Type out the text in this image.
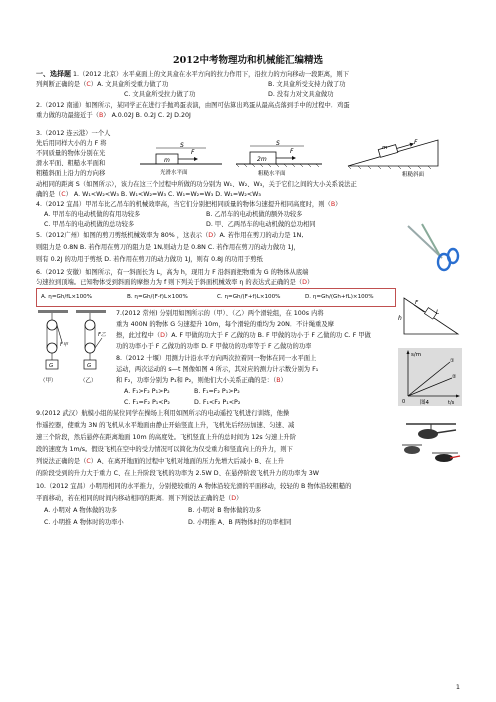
2012中考物理功和机械能汇编精选
一、选择题 1.（2012 北京）水平桌面上的文具盒在水平方向的拉力作用下，沿拉力的方向移动一段距离，则下
列判断正确的是（C）A. 文具盒所受重力做了功	B. 文具盒所受支持力做了功
C. 文具盒所受拉力做了功	D. 没有力对文具盒做功
2.（2012 南通）如图所示，某同学正在进行手抛鸡蛋表演，由图可估算出鸡蛋从最高点落到手中的过程中．鸡蛋
重力做的功最接近于（B） A.0.02J B. 0.2J C. 2J D.20J
3.（2012 连云港）一个人
先后用同样大小的力 F 将
不同质量的物体分别在光
滑水平面、粗糙水平面和
粗糙斜面上沿力的方向移
动相同的距离 S（如图所示），该力在这三个过程中所做的功分别为 W₁、W₂、W₃，关于它们之间的大小关系说法正
确的是（C） A. W₁<W₂<W₃ B. W₁<W₂=W₃ C. W₁=W₂=W₃ D. W₁=W₂<W₃
m
F
S
光滑水平面
2m
F
S
粗糙水平面
m
F
粗糙斜面
4.（2012 宜昌）甲吊车比乙吊车的机械效率高，当它们分别把相同质量的物体匀速提升相同高度时，则（B）
A. 甲吊车的电动机做的有用功较多	B. 乙吊车的电动机做的额外功较多
C. 甲吊车的电动机做的总功较多	D. 甲、乙两吊车的电动机做的总功相同
5.（2012广州）如图的剪刀剪纸机械效率为 80% ，这表示（D）A. 若作用在剪刀的动力是 1N,
则阻力是 0.8N B. 若作用在剪刀的阻力是 1N,则动力是 0.8N C. 若作用在剪刀的动力做功 1J，
则有 0.2J 的功用于剪纸 D. 若作用在剪刀的动力做功 1J，则有 0.8J 的功用于剪纸
6.（2012 安徽）如图所示，有一斜面长为 L，高为 h，现用力 F 沿斜面把物重为 G 的物体从底端
匀速拉到顶端。已知物体受到斜面的摩擦力为 f 则下列关于斜面机械效率 η 的表达式正确的是（D）
A. η=Gh/fL×100%	B. η=Gh/(F-f)L×100%	C. η=Gh/(F+f)L×100%	D. η=Gh/(Gh+fL)×100%
F
h
L
G
F甲
（甲）
G
F乙
（乙）
7.(2012 常州) 分别用如图所示的（甲）、（乙）两个滑轮组，在 100s 内将
重为 400N 的物体 G 匀速提升 10m，每个滑轮的重均为 20N．不计绳重及摩
擦，此过程中（D）A. F 甲做的功大于 F 乙做的功 B. F 甲做的功小于 F 乙做的功 C. F 甲做
功的功率小于 F 乙做功的功率 D. F 甲做功的功率等于 F 乙做功的功率
8.（2012 十堰）用测力计沿水平方向两次拉着同一物体在同一水平面上
运动，两次运动的 s—t 图像如图 4 所示，其对应的测力计示数分别为 F₁
和 F₂，功率分别为 P₁和 P₂，则他们大小关系正确的是：（B）
A. F₁>F₂ P₁>P₂	B. F₁=F₂ P₁>P₂
C. F₁=F₂ P₁<P₂	D. F₁<F₂ P₁<P₂
s/m
t/s
①
②
0	图4
9.(2012 武汉）航模小组的某位同学在操场上利用如图所示的电动遥控飞机进行训练，他操
作遥控器，使重为 3N 的飞机从水平地面由静止开始竖直上升，飞机先后经历加速、匀速、减
速三个阶段，然后悬停在距离地面 10m 的高度处。飞机竖直上升的总时间为 12s 匀速上升阶
段的速度为 1m/s。假设飞机在空中的受力情况可以简化为仅受重力和竖直向上的升力，则下
列说法正确的是（C）A、在离开地面的过程中飞机对地面的压力先增大后减小 B、在上升
的阶段受到的升力大于重力 C、在上升阶段飞机的功率为 2.5W D、在悬停阶段飞机升力的功率为 3W
10.（2012 宜昌）小明用相同的水平推力，分别使较重的 A 物体沿较光滑的平面移动，较轻的 B 物体沿较粗糙的
平面移动，若在相同的时间内移动相同的距离．则下列说法正确的是（D）
A. 小明对 A 物体做的功多	B. 小明对 B 物体做的功多
C. 小明推 A 物体时的功率小	D. 小明推 A、B 两物体时的功率相同
1
